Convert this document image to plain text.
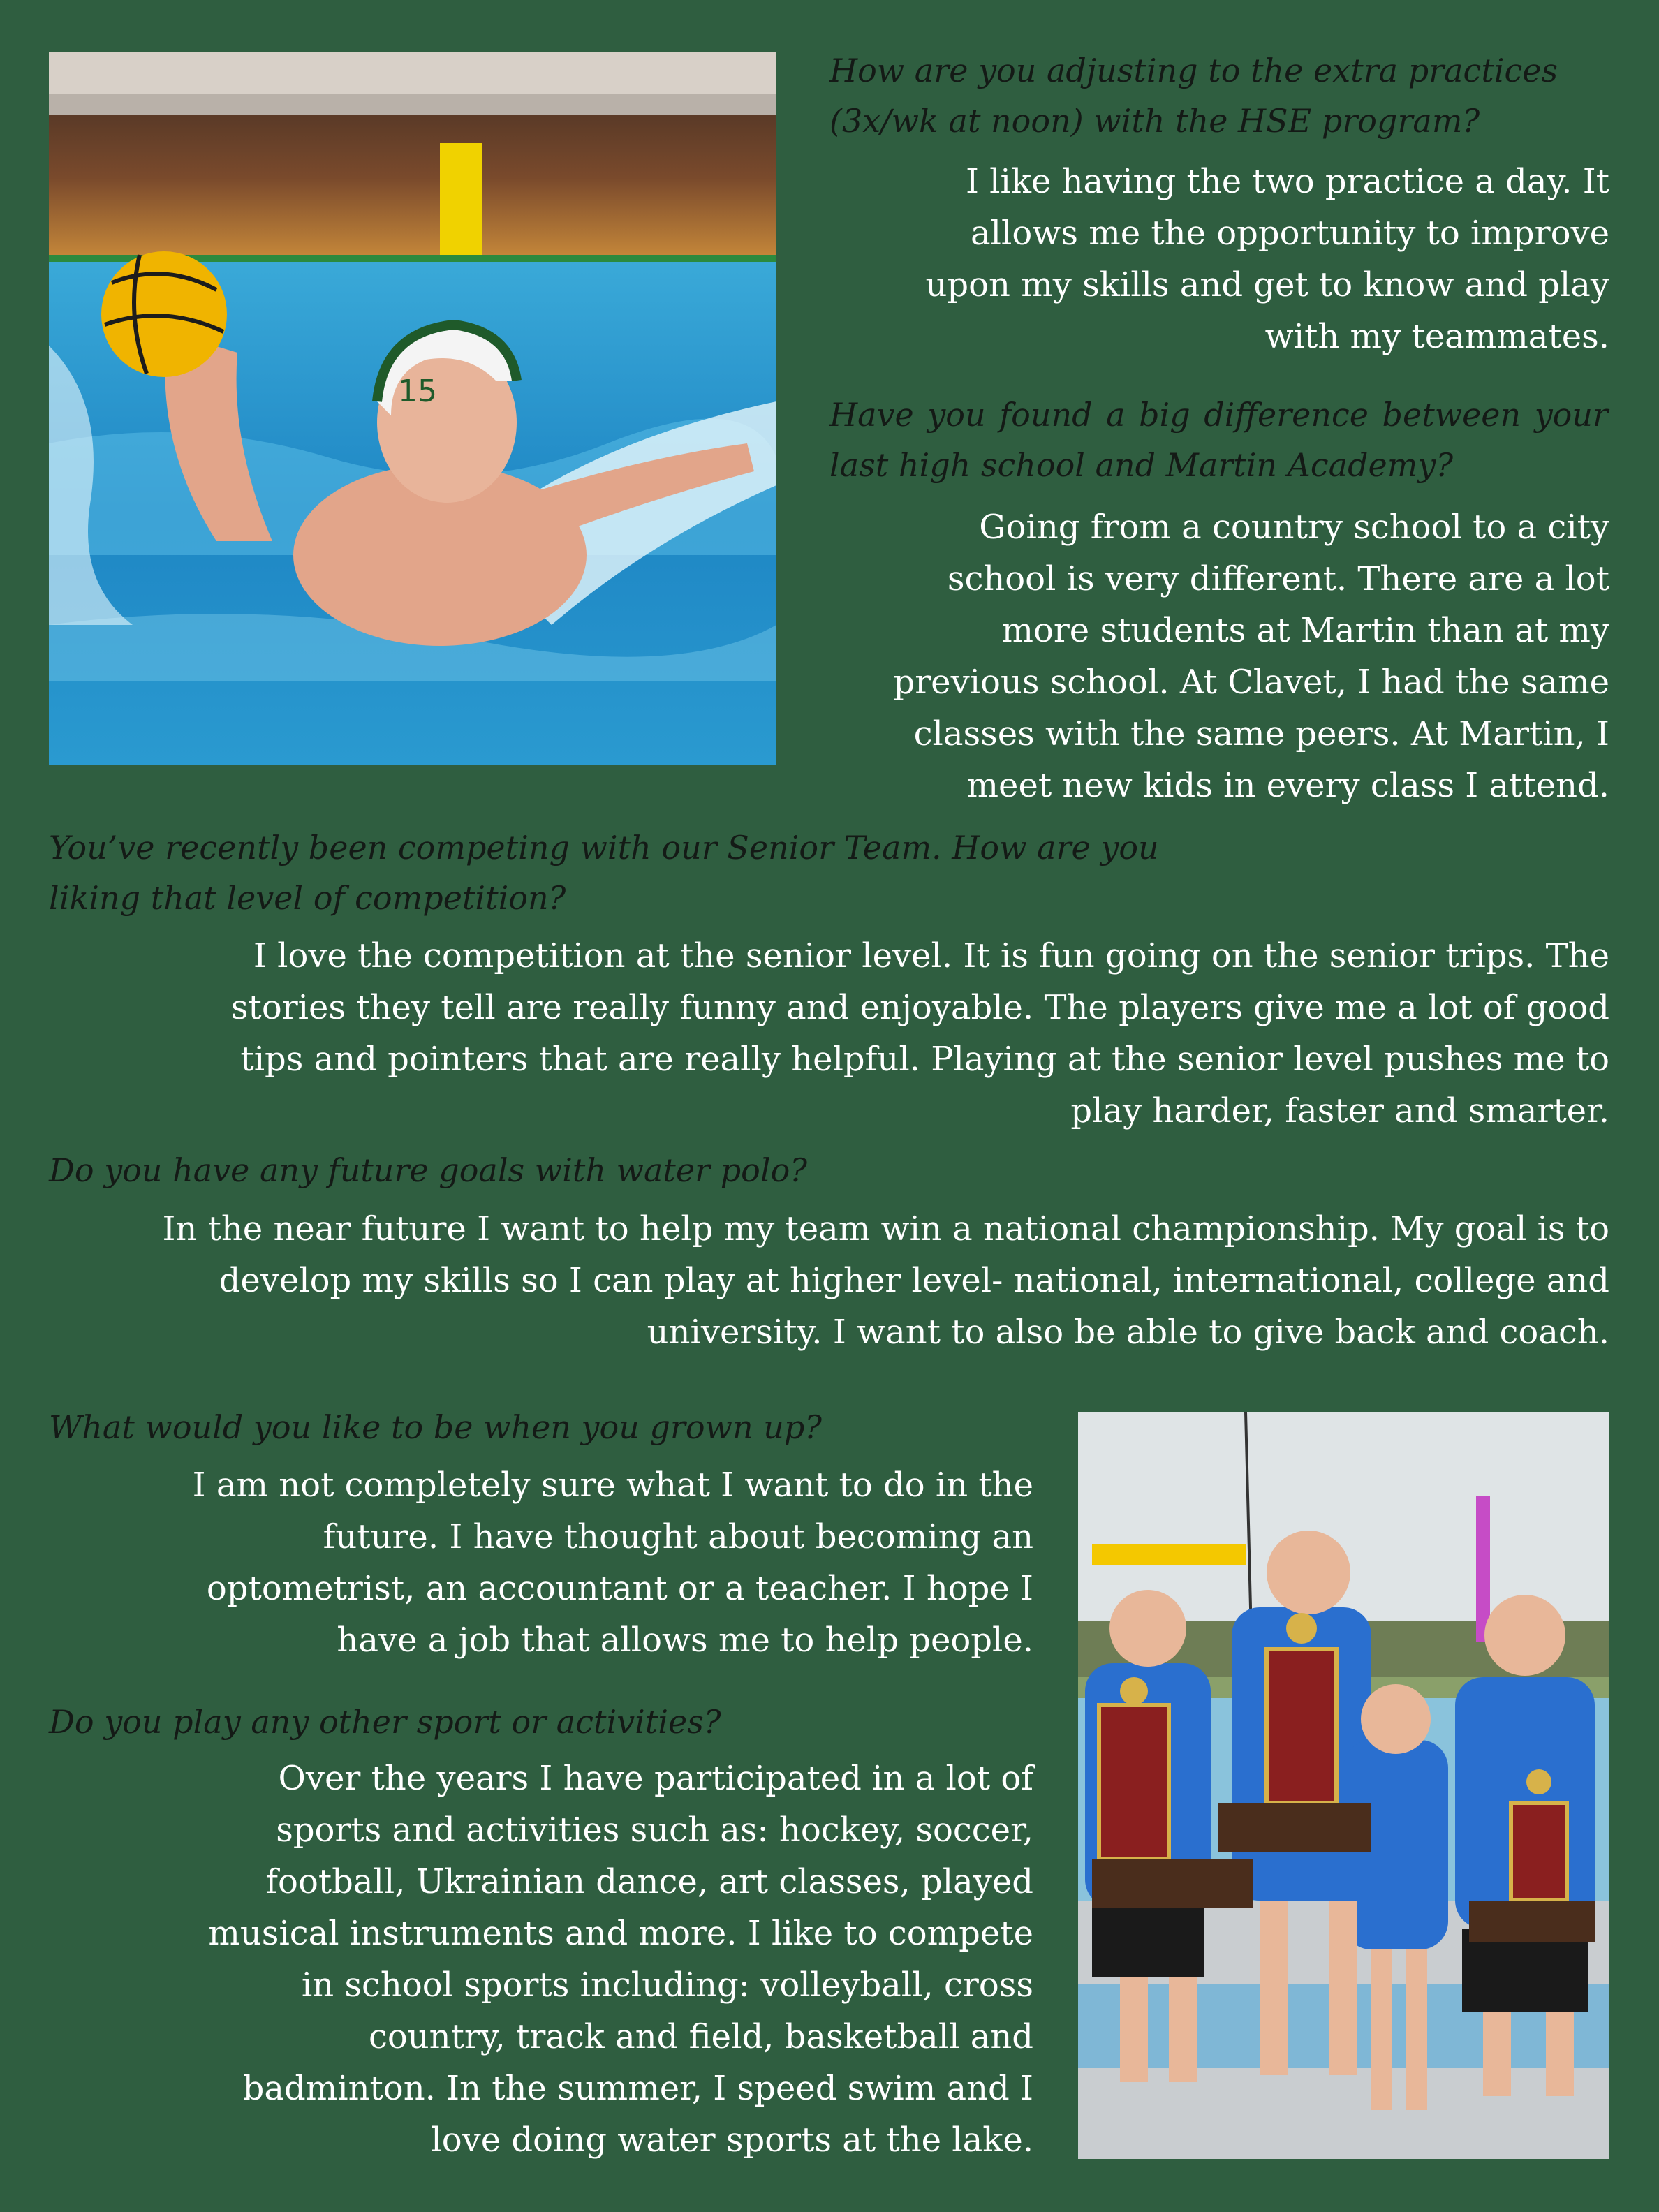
15

How are you adjusting to the extra practices (3x/wk at noon) with the HSE program?

I like having the two practice a day. It allows me the opportunity to improve upon my skills and get to know and play with my teammates.

Have you found a big difference between your last high school and Martin Academy?

Going from a country school to a city school is very different. There are a lot more students at Martin than at my previous school. At Clavet, I had the same classes with the same peers. At Martin, I meet new kids in every class I attend.

You’ve recently been competing with our Senior Team. How are you liking that level of competition?

I love the competition at the senior level. It is fun going on the senior trips. The stories they tell are really funny and enjoyable. The players give me a lot of good tips and pointers that are really helpful. Playing at the senior level pushes me to play harder, faster and smarter.

Do you have any future goals with water polo?

In the near future I want to help my team win a national championship. My goal is to develop my skills so I can play at higher level- national, international, college and university. I want to also be able to give back and coach.

What would you like to be when you grown up?

I am not completely sure what I want to do in the future. I have thought about becoming an optometrist, an accountant or a teacher. I hope I have a job that allows me to help people.

Do you play any other sport or activities?

Over the years I have participated in a lot of sports and activities such as: hockey, soccer, football, Ukrainian dance, art classes, played musical instruments and more. I like to compete in school sports including: volleyball, cross country, track and field, basketball and badminton. In the summer, I speed swim and I love doing water sports at the lake.
